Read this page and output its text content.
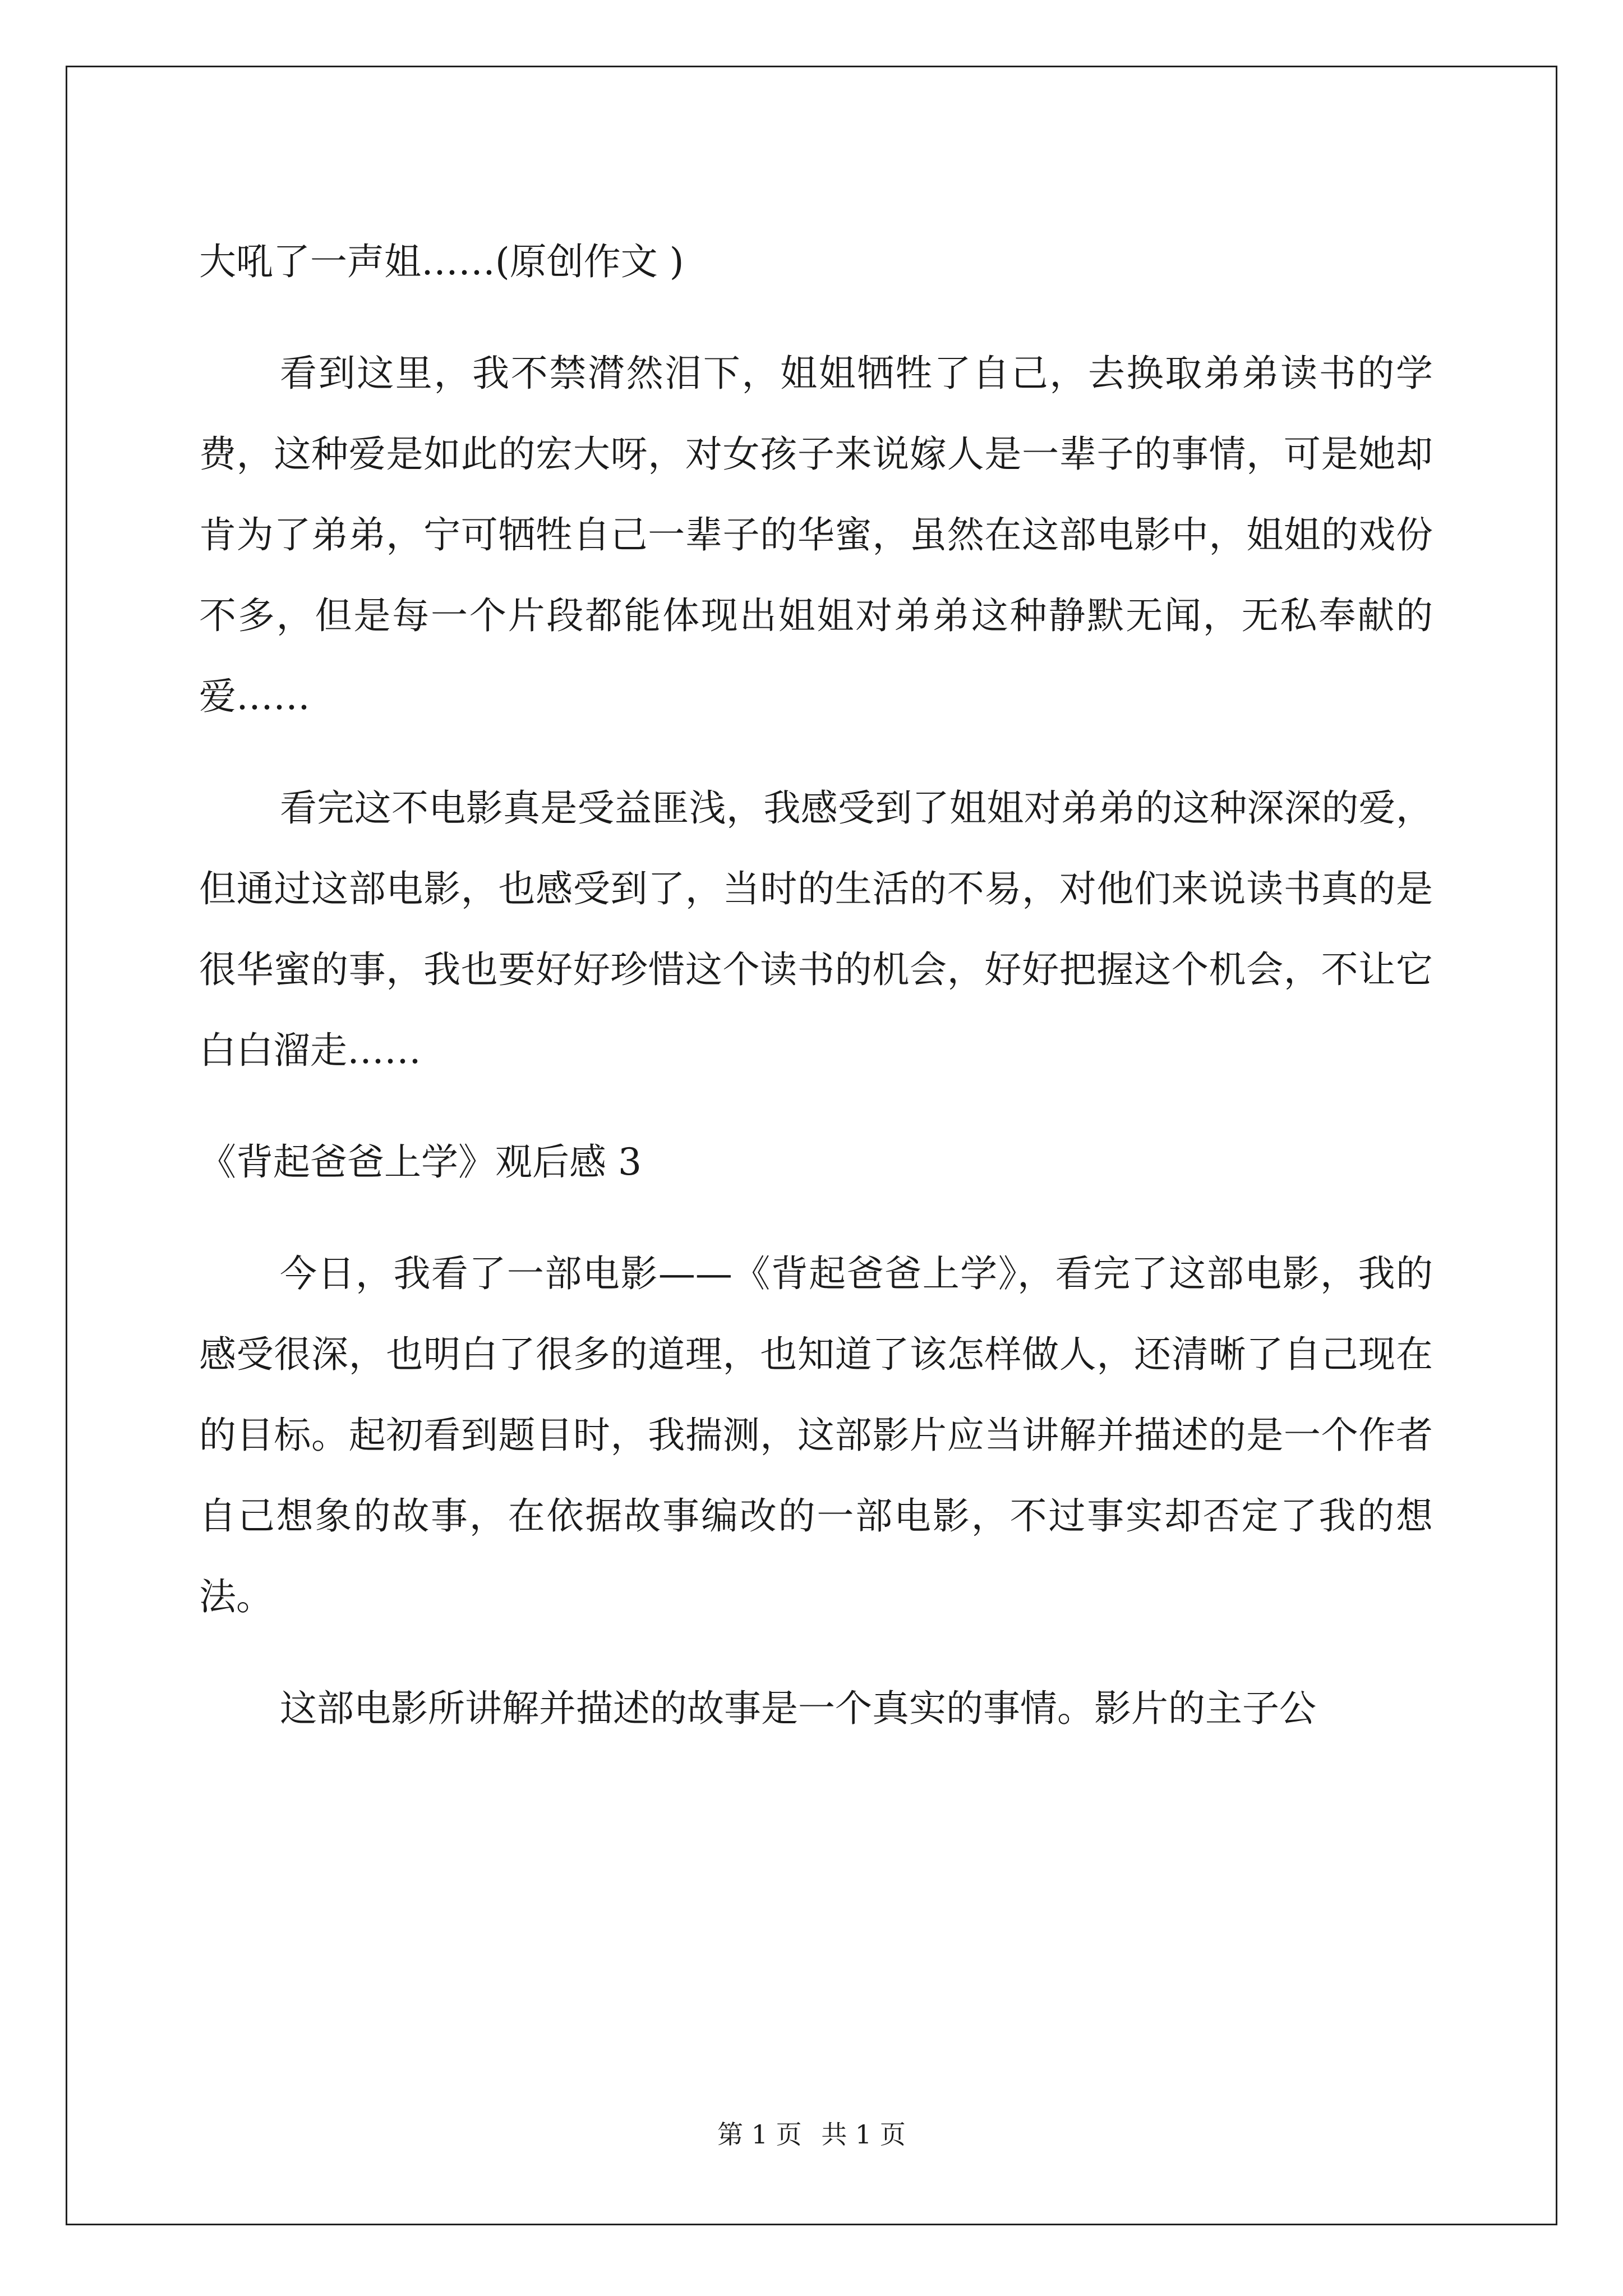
大吼了一声姐……(原创作文 )

看到这里，我不禁潸然泪下，姐姐牺牲了自己，去换取弟弟读书的学费，这种爱是如此的宏大呀，对女孩子来说嫁人是一辈子的事情，可是她却肯为了弟弟，宁可牺牲自己一辈子的华蜜，虽然在这部电影中，姐姐的戏份不多，但是每一个片段都能体现出姐姐对弟弟这种静默无闻，无私奉献的爱……

看完这不电影真是受益匪浅，我感受到了姐姐对弟弟的这种深深的爱，但通过这部电影，也感受到了，当时的生活的不易，对他们来说读书真的是很华蜜的事，我也要好好珍惜这个读书的机会，好好把握这个机会，不让它白白溜走……

《背起爸爸上学》观后感 3

今日，我看了一部电影——《背起爸爸上学》，看完了这部电影，我的感受很深，也明白了很多的道理，也知道了该怎样做人，还清晰了自己现在的目标。起初看到题目时，我揣测，这部影片应当讲解并描述的是一个作者自己想象的故事，在依据故事编改的一部电影，不过事实却否定了我的想法。

这部电影所讲解并描述的故事是一个真实的事情。影片的主子公

第 1 页 共 1 页
